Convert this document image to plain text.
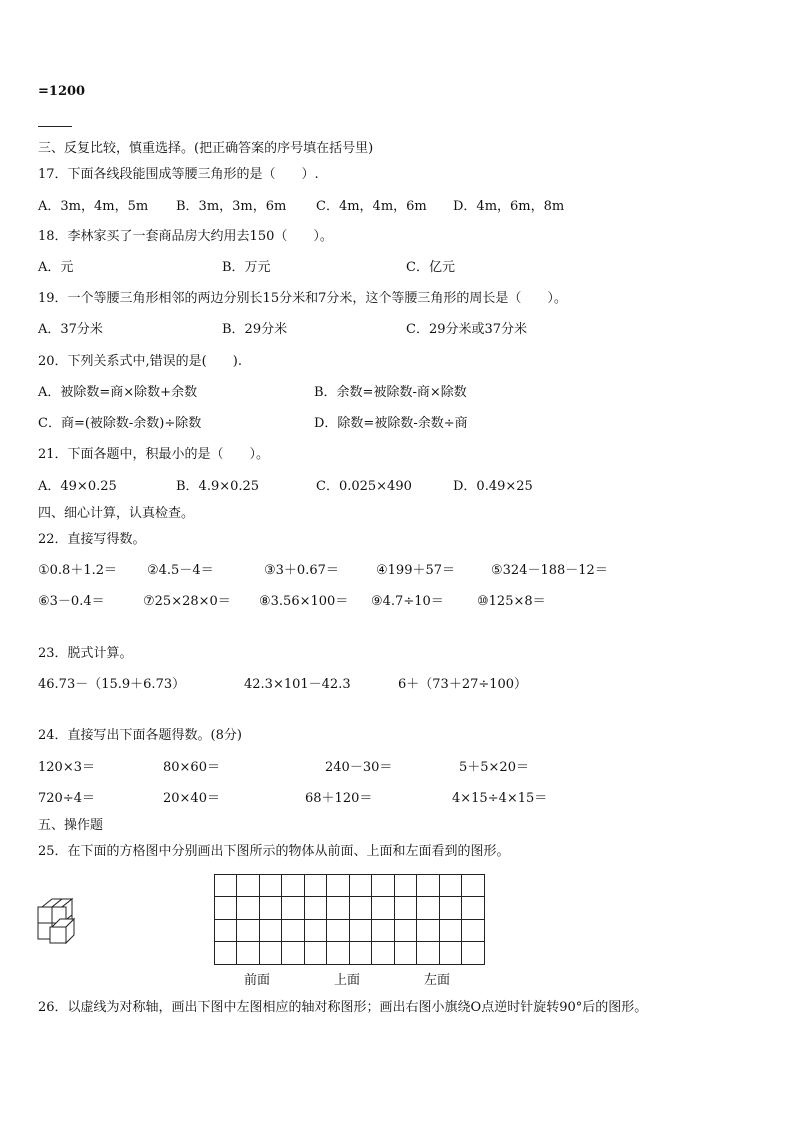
=1200
三、反复比较，慎重选择。(把正确答案的序号填在括号里)
17．下面各线段能围成等腰三角形的是（　　）.
A．3m，4m，5m B．3m，3m，6m C．4m，4m，6m D．4m，6m，8m
18．李林家买了一套商品房大约用去150（　　）。
A．元	B．万元	C．亿元
19．一个等腰三角形相邻的两边分别长15分米和7分米，这个等腰三角形的周长是（　　）。
A．37分米	B．29分米	C．29分米或37分米
20．下列关系式中,错误的是(　　).
A．被除数=商×除数+余数	B．余数=被除数-商×除数
C．商=(被除数-余数)÷除数	D．除数=被除数-余数÷商
21．下面各题中，积最小的是（　　）。
A．49×0.25	B．4.9×0.25	C．0.025×490	D．0.49×25
四、细心计算，认真检查。
22．直接写得数。
①0.8＋1.2＝ ②4.5－4＝	③3＋0.67＝	④199＋57＝	⑤324－188－12＝
⑥3－0.4＝	⑦25×28×0＝ ⑧3.56×100＝ ⑨4.7÷10＝	⑩125×8＝
23．脱式计算。
46.73－（15.9＋6.73）	42.3×101－42.3	6＋（73＋27÷100）
24．直接写出下面各题得数。(8分)
120×3＝	80×60＝	240－30＝	5＋5×20＝
720÷4＝	20×40＝	68＋120＝	4×15÷4×15＝
五、操作题
25．在下面的方格图中分别画出下图所示的物体从前面、上面和左面看到的图形。
前面	上面	左面
26．以虚线为对称轴，画出下图中左图相应的轴对称图形；画出右图小旗绕O点逆时针旋转90°后的图形。
